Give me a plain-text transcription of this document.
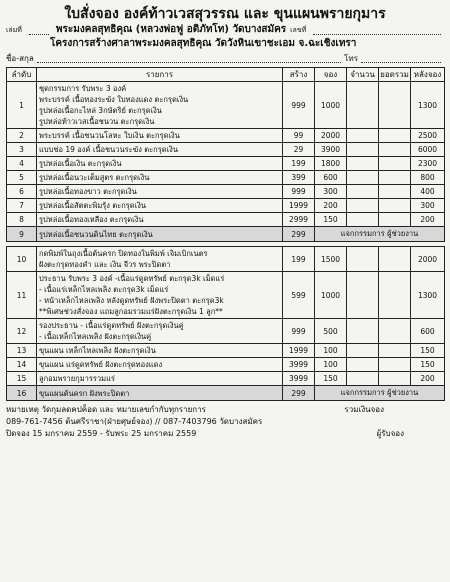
ใบสั่งจอง องค์ท้าวเวสสุวรรณ และ ขุนแผนพรายกุมาร
เล่มที่	พระมงคลสุทธิคุณ (หลวงพ่อฟู อติภัทโท) วัดบางสมัคร เลขที่
โครงการสร้างศาลาพระมงคลสุทธิคุณ วัดวังหินเขาชะเอม จ.ฉะเชิงเทรา
ชื่อ-สกุล	โทร
ลำดับ	รายการ	สร้าง	จอง	จำนวน	ยอดรวม	หลังจอง
1	ชุดกรรมการ รับพระ 3 องค์
พระบรรค์ เนื้อทองระฆัง ใบทองแดง ตะกรุดเงิน
รูปหล่อเนื้อกะไหล่ 3กษัตริย์ ตะกรุดเงิน
รูปหล่อท้าวเวสเนื้อชนวน ตะกรุดเงิน	999	1000			1300
2	พระบรรค์ เนื้อชนวนโลหะ ใบเงิน ตะกรุดเงิน	99	2000			2500
3	แบบช่อ 19 องค์ เนื้อชนวนระฆัง ตะกรุดเงิน	29	3900			6000
4	รูปหล่อเนื้อเงิน ตะกรุดเงิน	199	1800			2300
5	รูปหล่อเนื้อนวะเต็มสูตร ตะกรุดเงิน	399	600			800
6	รูปหล่อเนื้อทองขาว ตะกรุดเงิน	999	300			400
7	รูปหล่อเนื้อสัตตะพิมรุ้ง ตะกรุดเงิน	1999	200			300
8	รูปหล่อเนื้อทองเหลือง ตะกรุดเงิน	2999	150			200
9	รูปหล่อเนื้อชนวนดินไทย ตะกรุดเงิน	299	แจกกรรมการ ผู้ช่วยงาน			

10	กดพิมพ์ในถุงเนื้อต้นครก ปิดทองในพิมพ์ เจิมเบิกเนตร
ฝังตะกรุดทองคำ และ เงิน จีวร พระปิดตา	199	1500			2000
11	ประธาน รับพระ 3 องค์ -เนื้อแร่ดูดทรัพย์ ตะกรุด3k เม็ดแร่
- เนื้อแร่เหล็กไหลเพลิง ตะกรุด3k เม็ดแร่
- หน้าเหล็กไหลเพลิง หลังดูดทรัพย์ ฝังพระปิดตา ตะกรุด3k
**พิเศษช่วงสั่งจอง แถมลูกอมรวมแร่ฝังตะกรุดเงิน 1 ลูก**	599	1000			1300
12	รองประธาน - เนื้อแร่ดูดทรัพย์ ฝังตะกรุดเงินคู่
- เนื้อเหล็กไหลเพลิง ฝังตะกรุดเงินคู่	999	500			600
13	ขุนแผน เหล็กไหลเพลิง ฝังตะกรุดเงิน	1999	100			150
14	ขุนแผน แร่ดูดทรัพย์ ฝังตะกรุดทองแดง	3999	100			150
15	ลูกอมพรายกุมารรวมแร่	3999	150			200
16	ขุนแผนต้นครก ฝังพระปิดตา	299	แจกกรรมการ ผู้ช่วยงาน			
หมายเหตุ วัดกุมลดคปค็อด และ หมายเลขกำกับทุกรายการ	รวมเงินจอง
089-761-7456 ต้นศรีราชา(ฝ่ายศุษย์จอง) // 087-7403796 วัดบางสมัคร
ปิดจอง 15 มกราคม 2559 - รับพระ 25 มกราคม 2559	ผู้รับจอง
